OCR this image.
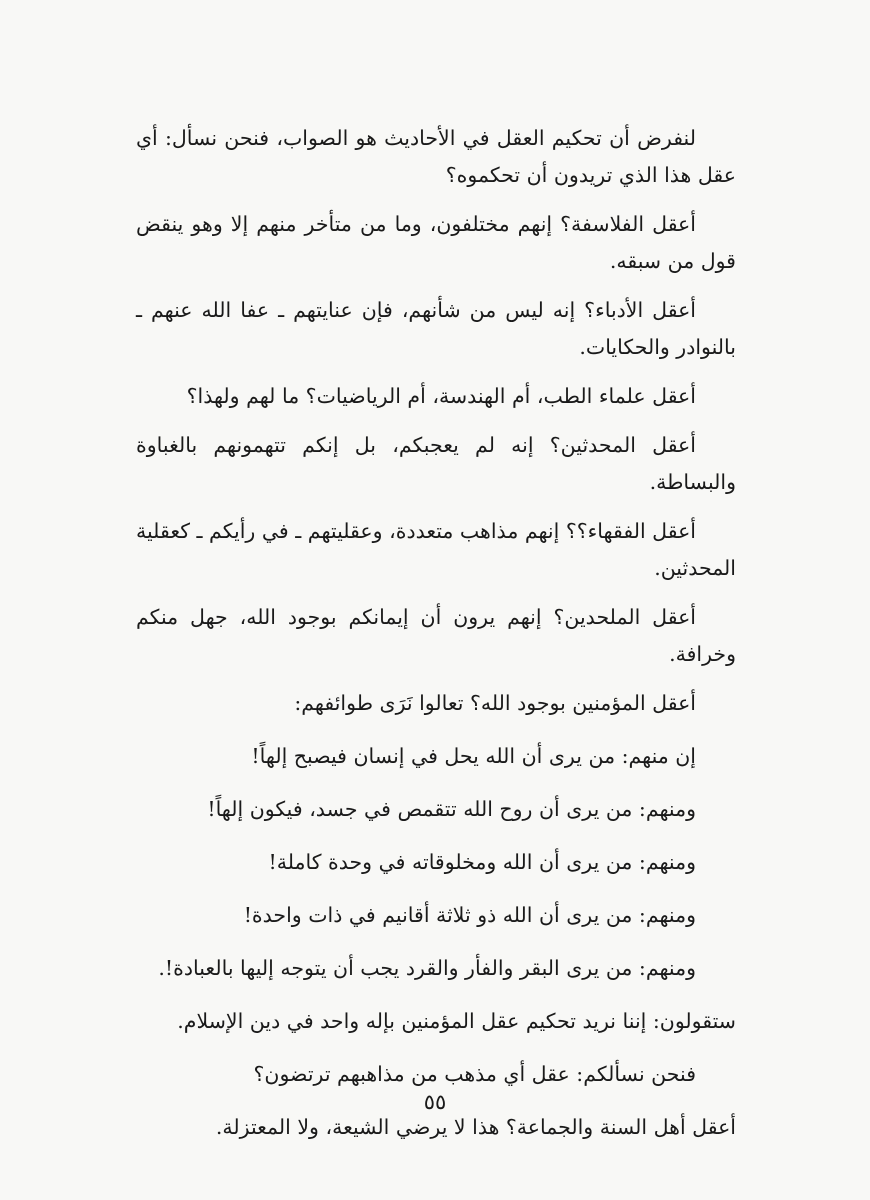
لنفرض أن تحكيم العقل في الأحاديث هو الصواب، فنحن نسأل: أي عقل هذا الذي تريدون أن تحكموه؟

أعقل الفلاسفة؟ إنهم مختلفون، وما من متأخر منهم إلا وهو ينقض قول من سبقه.

أعقل الأدباء؟ إنه ليس من شأنهم، فإن عنايتهم ـ عفا الله عنهم ـ بالنوادر والحكايات.

أعقل علماء الطب، أم الهندسة، أم الرياضيات؟ ما لهم ولهذا؟

أعقل المحدثين؟ إنه لم يعجبكم، بل إنكم تتهمونهم بالغباوة والبساطة.

أعقل الفقهاء؟؟ إنهم مذاهب متعددة، وعقليتهم ـ في رأيكم ـ كعقلية المحدثين.

أعقل الملحدين؟ إنهم يرون أن إيمانكم بوجود الله، جهل منكم وخرافة.

أعقل المؤمنين بوجود الله؟ تعالوا نَرَى طوائفهم:

إن منهم: من يرى أن الله يحل في إنسان فيصبح إلهاً!

ومنهم: من يرى أن روح الله تتقمص في جسد، فيكون إلهاً!

ومنهم: من يرى أن الله ومخلوقاته في وحدة كاملة!

ومنهم: من يرى أن الله ذو ثلاثة أقانيم في ذات واحدة!

ومنهم: من يرى البقر والفأر والقرد يجب أن يتوجه إليها بالعبادة!.

ستقولون: إننا نريد تحكيم عقل المؤمنين بإله واحد في دين الإسلام.

فنحن نسألكم: عقل أي مذهب من مذاهبهم ترتضون؟

أعقل أهل السنة والجماعة؟ هذا لا يرضي الشيعة، ولا المعتزلة.

٥٥
